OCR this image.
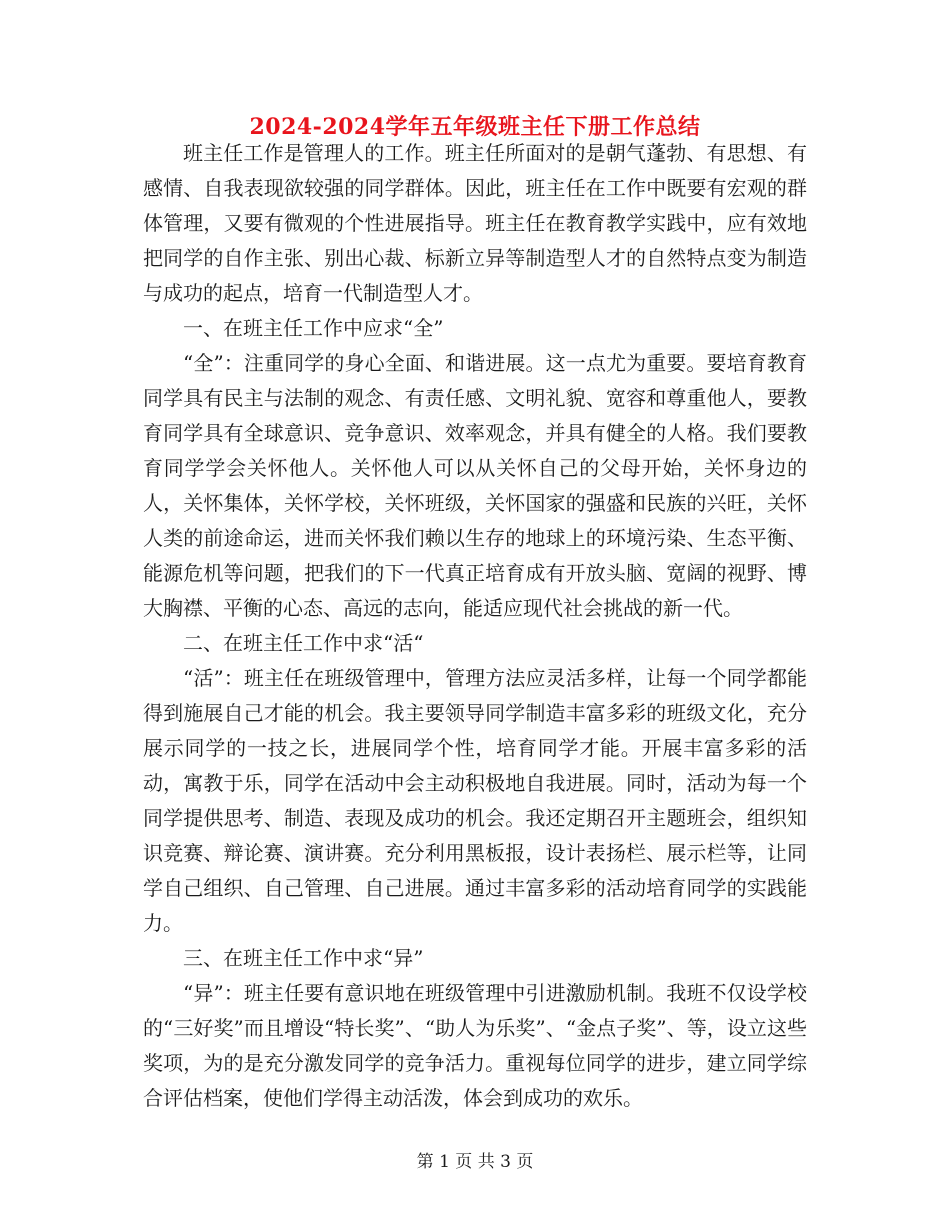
2024-2024学年五年级班主任下册工作总结

班主任工作是管理人的工作。班主任所面对的是朝气蓬勃、有思想、有感情、自我表现欲较强的同学群体。因此，班主任在工作中既要有宏观的群体管理，又要有微观的个性进展指导。班主任在教育教学实践中，应有效地把同学的自作主张、别出心裁、标新立异等制造型人才的自然特点变为制造与成功的起点，培育一代制造型人才。

一、在班主任工作中应求“全”

“全”：注重同学的身心全面、和谐进展。这一点尤为重要。要培育教育同学具有民主与法制的观念、有责任感、文明礼貌、宽容和尊重他人，要教育同学具有全球意识、竞争意识、效率观念，并具有健全的人格。我们要教育同学学会关怀他人。关怀他人可以从关怀自己的父母开始，关怀身边的人，关怀集体，关怀学校，关怀班级，关怀国家的强盛和民族的兴旺，关怀人类的前途命运，进而关怀我们赖以生存的地球上的环境污染、生态平衡、能源危机等问题，把我们的下一代真正培育成有开放头脑、宽阔的视野、博大胸襟、平衡的心态、高远的志向，能适应现代社会挑战的新一代。

二、在班主任工作中求“活“

“活”：班主任在班级管理中，管理方法应灵活多样，让每一个同学都能得到施展自己才能的机会。我主要领导同学制造丰富多彩的班级文化，充分展示同学的一技之长，进展同学个性，培育同学才能。开展丰富多彩的活动，寓教于乐，同学在活动中会主动积极地自我进展。同时，活动为每一个同学提供思考、制造、表现及成功的机会。我还定期召开主题班会，组织知识竞赛、辩论赛、演讲赛。充分利用黑板报，设计表扬栏、展示栏等，让同学自己组织、自己管理、自己进展。通过丰富多彩的活动培育同学的实践能力。

三、在班主任工作中求“异”

“异”：班主任要有意识地在班级管理中引进激励机制。我班不仅设学校的“三好奖”而且增设“特长奖”、“助人为乐奖”、“金点子奖”、等，设立这些奖项，为的是充分激发同学的竞争活力。重视每位同学的进步，建立同学综合评估档案，使他们学得主动活泼，体会到成功的欢乐。

第 1 页 共 3 页
